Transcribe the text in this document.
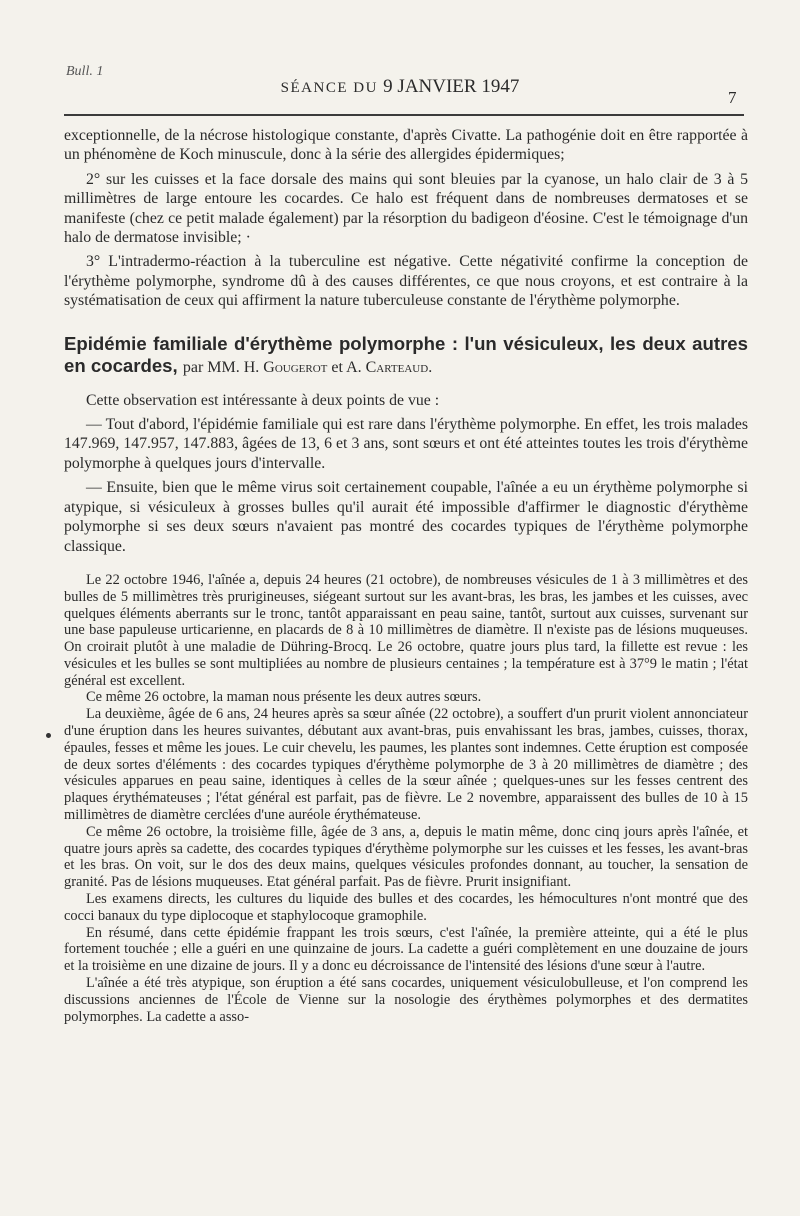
Bull. 1
SÉANCE DU 9 JANVIER 1947
7

exceptionnelle, de la nécrose histologique constante, d'après Civatte. La pathogénie doit en être rapportée à un phénomène de Koch minuscule, donc à la série des allergides épidermiques;

2° sur les cuisses et la face dorsale des mains qui sont bleuies par la cyanose, un halo clair de 3 à 5 millimètres de large entoure les cocardes. Ce halo est fréquent dans de nombreuses dermatoses et se manifeste (chez ce petit malade également) par la résorption du badigeon d'éosine. C'est le témoignage d'un halo de dermatose invisible; ·

3° L'intradermo-réaction à la tuberculine est négative. Cette négativité confirme la conception de l'érythème polymorphe, syndrome dû à des causes différentes, ce que nous croyons, et est contraire à la systématisation de ceux qui affirment la nature tuberculeuse constante de l'érythème polymorphe.

Epidémie familiale d'érythème polymorphe : l'un vésiculeux, les deux autres en cocardes, par MM. H. Gougerot et A. Carteaud.

Cette observation est intéressante à deux points de vue :

— Tout d'abord, l'épidémie familiale qui est rare dans l'érythème polymorphe. En effet, les trois malades 147.969, 147.957, 147.883, âgées de 13, 6 et 3 ans, sont sœurs et ont été atteintes toutes les trois d'érythème polymorphe à quelques jours d'intervalle.

— Ensuite, bien que le même virus soit certainement coupable, l'aînée a eu un érythème polymorphe si atypique, si vésiculeux à grosses bulles qu'il aurait été impossible d'affirmer le diagnostic d'érythème polymorphe si ses deux sœurs n'avaient pas montré des cocardes typiques de l'érythème polymorphe classique.

Le 22 octobre 1946, l'aînée a, depuis 24 heures (21 octobre), de nombreuses vésicules de 1 à 3 millimètres et des bulles de 5 millimètres très prurigineuses, siégeant surtout sur les avant-bras, les bras, les jambes et les cuisses, avec quelques éléments aberrants sur le tronc, tantôt apparaissant en peau saine, tantôt, surtout aux cuisses, survenant sur une base papuleuse urticarienne, en placards de 8 à 10 millimètres de diamètre. Il n'existe pas de lésions muqueuses. On croirait plutôt à une maladie de Dühring-Brocq. Le 26 octobre, quatre jours plus tard, la fillette est revue : les vésicules et les bulles se sont multipliées au nombre de plusieurs centaines ; la température est à 37°9 le matin ; l'état général est excellent.

Ce même 26 octobre, la maman nous présente les deux autres sœurs.

La deuxième, âgée de 6 ans, 24 heures après sa sœur aînée (22 octobre), a souffert d'un prurit violent annonciateur d'une éruption dans les heures suivantes, débutant aux avant-bras, puis envahissant les bras, jambes, cuisses, thorax, épaules, fesses et même les joues. Le cuir chevelu, les paumes, les plantes sont indemnes. Cette éruption est composée de deux sortes d'éléments : des cocardes typiques d'érythème polymorphe de 3 à 20 millimètres de diamètre ; des vésicules apparues en peau saine, identiques à celles de la sœur aînée ; quelques-unes sur les fesses centrent des plaques érythémateuses ; l'état général est parfait, pas de fièvre. Le 2 novembre, apparaissent des bulles de 10 à 15 millimètres de diamètre cerclées d'une auréole érythémateuse.

Ce même 26 octobre, la troisième fille, âgée de 3 ans, a, depuis le matin même, donc cinq jours après l'aînée, et quatre jours après sa cadette, des cocardes typiques d'érythème polymorphe sur les cuisses et les fesses, les avant-bras et les bras. On voit, sur le dos des deux mains, quelques vésicules profondes donnant, au toucher, la sensation de granité. Pas de lésions muqueuses. Etat général parfait. Pas de fièvre. Prurit insignifiant.

Les examens directs, les cultures du liquide des bulles et des cocardes, les hémocultures n'ont montré que des cocci banaux du type diplocoque et staphylocoque gramophile.

En résumé, dans cette épidémie frappant les trois sœurs, c'est l'aînée, la première atteinte, qui a été le plus fortement touchée ; elle a guéri en une quinzaine de jours. La cadette a guéri complètement en une douzaine de jours et la troisième en une dizaine de jours. Il y a donc eu décroissance de l'intensité des lésions d'une sœur à l'autre.

L'aînée a été très atypique, son éruption a été sans cocardes, uniquement vésiculobulleuse, et l'on comprend les discussions anciennes de l'École de Vienne sur la nosologie des érythèmes polymorphes et des dermatites polymorphes. La cadette a asso-
